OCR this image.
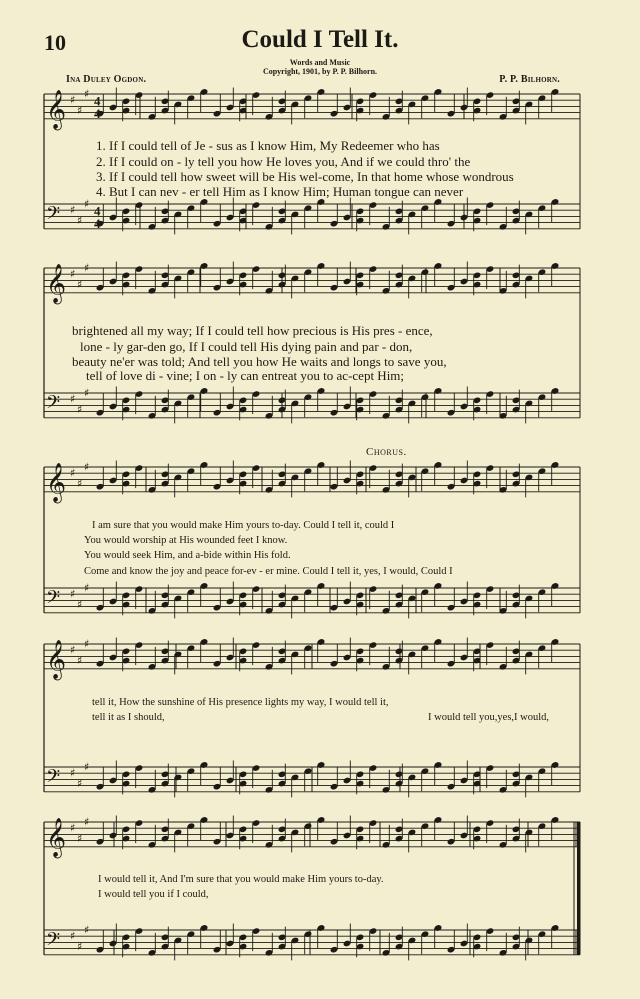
10	Could I Tell It.
Words and Music
Copyright, 1901, by P. P. Bilhorn.
Ina Duley Ogdon.	P. P. Bilhorn.
𝄞 ♯
♯
♯
𝄢 ♯
♯
♯
𝄞 ♯
♯
♯
𝄢 ♯
♯
♯
𝄞 ♯
♯
♯
𝄢 ♯
♯
♯
𝄞 ♯
♯
♯
𝄢 ♯
♯
♯
𝄞 ♯
♯
♯
𝄢 ♯
♯
♯
4
4
4
4
1. If I could tell of Je - sus as I know Him, My Redeemer who has
2. If I could on - ly tell you how He loves you, And if we could thro' the
3. If I could tell how sweet will be His wel-come, In that home whose wondrous
4. But I can nev - er tell Him as I know Him; Human tongue can never
brightened all my way; If I could tell how precious is His pres - ence,
lone - ly gar-den go, If I could tell His dying pain and par - don,
beauty ne'er was told; And tell you how He waits and longs to save you,
tell of love di - vine; I on - ly can entreat you to ac-cept Him;
Chorus.
I am sure that you would make Him yours to-day. Could I tell it, could I
You would worship at His wounded feet I know.
You would seek Him, and a-bide within His fold.
Come and know the joy and peace for-ev - er mine. Could I tell it, yes, I would, Could I
tell it, How the sunshine of His presence lights my way, I would tell it,
tell it as I should,	I would tell you,yes,I would,
I would tell it, And I'm sure that you would make Him yours to-day.
I would tell you if I could,
